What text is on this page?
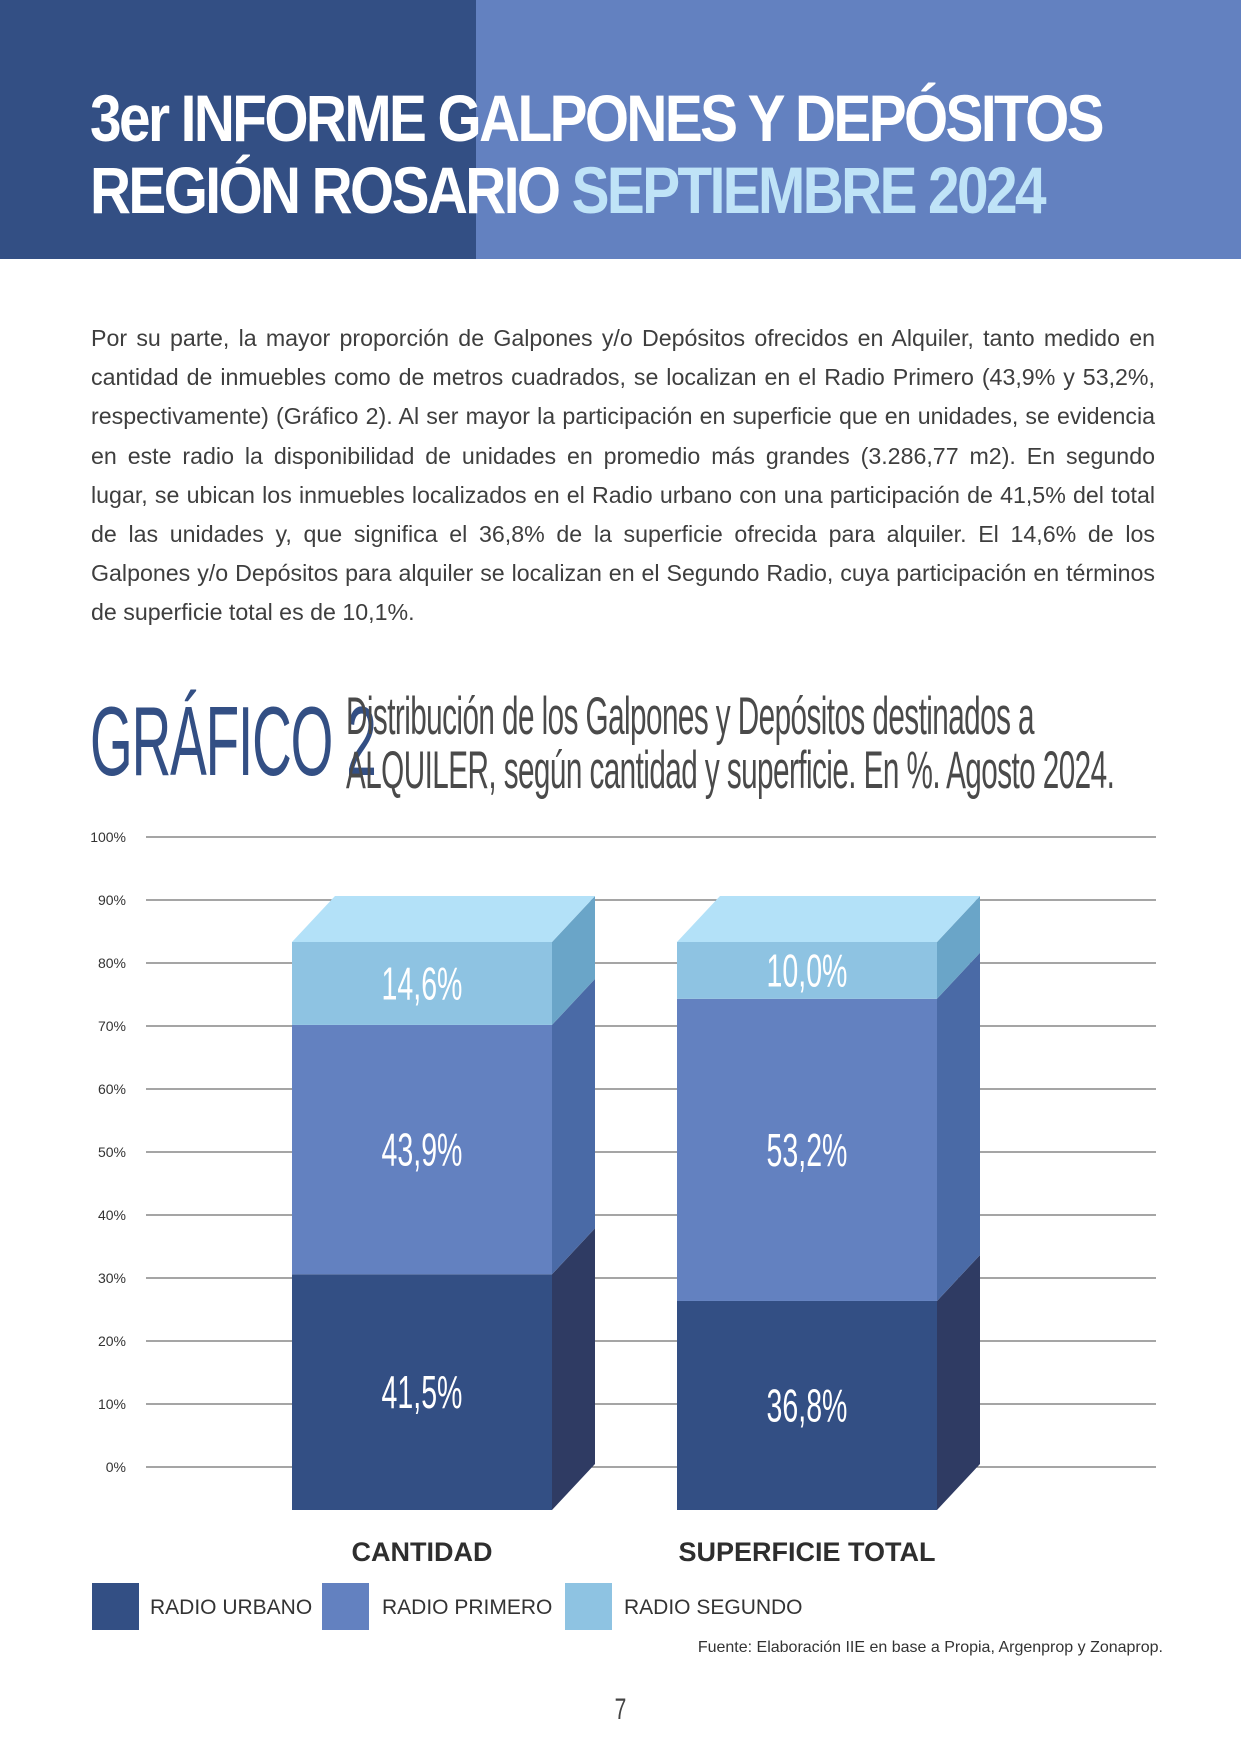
3er INFORME GALPONES Y DEPÓSITOS
REGIÓN ROSARIO SEPTIEMBRE 2024

Por su parte, la mayor proporción de Galpones y/o Depósitos ofrecidos en Alquiler, tanto medido en cantidad de inmuebles como de metros cuadrados, se localizan en el Radio Primero (43,9% y 53,2%, respectivamente) (Gráfico 2). Al ser mayor la participación en superficie que en unidades, se evidencia en este radio la disponibilidad de unidades en promedio más grandes (3.286,77 m2). En segundo lugar, se ubican los inmuebles localizados en el Radio urbano con una participación de 41,5% del total de las unidades y, que significa el 36,8% de la superficie ofrecida para alquiler. El 14,6% de los Galpones y/o Depósitos para alquiler se localizan en el Segundo Radio, cuya participación en términos de superficie total es de 10,1%.

GRÁFICO 2

Distribución de los Galpones y Depósitos destinados a
ALQUILER, según cantidad y superficie. En %. Agosto 2024.

0%
10%
20%
30%
40%
50%
60%
70%
80%
90%
100%
41,5%
43,9%
14,6%
CANTIDAD
36,8%
53,2%
10,0%
SUPERFICIE TOTAL
RADIO URBANO	RADIO PRIMERO	RADIO SEGUNDO
Fuente: Elaboración IIE en base a Propia, Argenprop y Zonaprop.
7
